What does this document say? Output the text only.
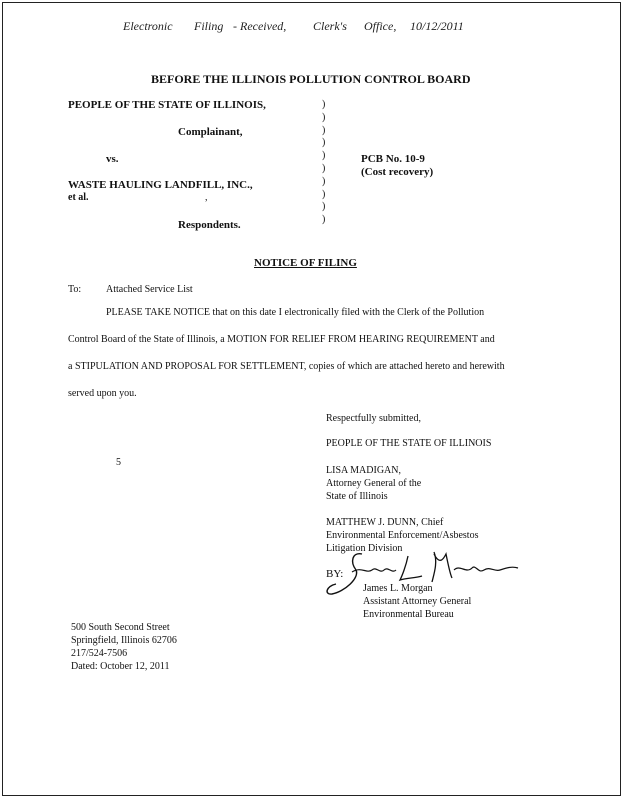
Electronic Filing - Received, Clerk's Office, 10/12/2011
BEFORE THE ILLINOIS POLLUTION CONTROL BOARD
PEOPLE OF THE STATE OF ILLINOIS,
Complainant,
vs.
WASTE HAULING LANDFILL, INC.,
et al.	,
Respondents.
)
)
)
)
)
)
)
)
)
)
PCB No. 10-9
(Cost recovery)
NOTICE OF FILING
To: Attached Service List
PLEASE TAKE NOTICE that on this date I electronically filed with the Clerk of the Pollution
Control Board of the State of Illinois, a MOTION FOR RELIEF FROM HEARING REQUIREMENT and
a STIPULATION AND PROPOSAL FOR SETTLEMENT, copies of which are attached hereto and herewith
served upon you.
Respectfully submitted,
PEOPLE OF THE STATE OF ILLINOIS
LISA MADIGAN,
Attorney General of the
State of Illinois
MATTHEW J. DUNN, Chief
Environmental Enforcement/Asbestos
Litigation Division
BY:
James L. Morgan
Assistant Attorney General
Environmental Bureau
5
500 South Second Street
Springfield, Illinois 62706
217/524-7506
Dated: October 12, 2011
